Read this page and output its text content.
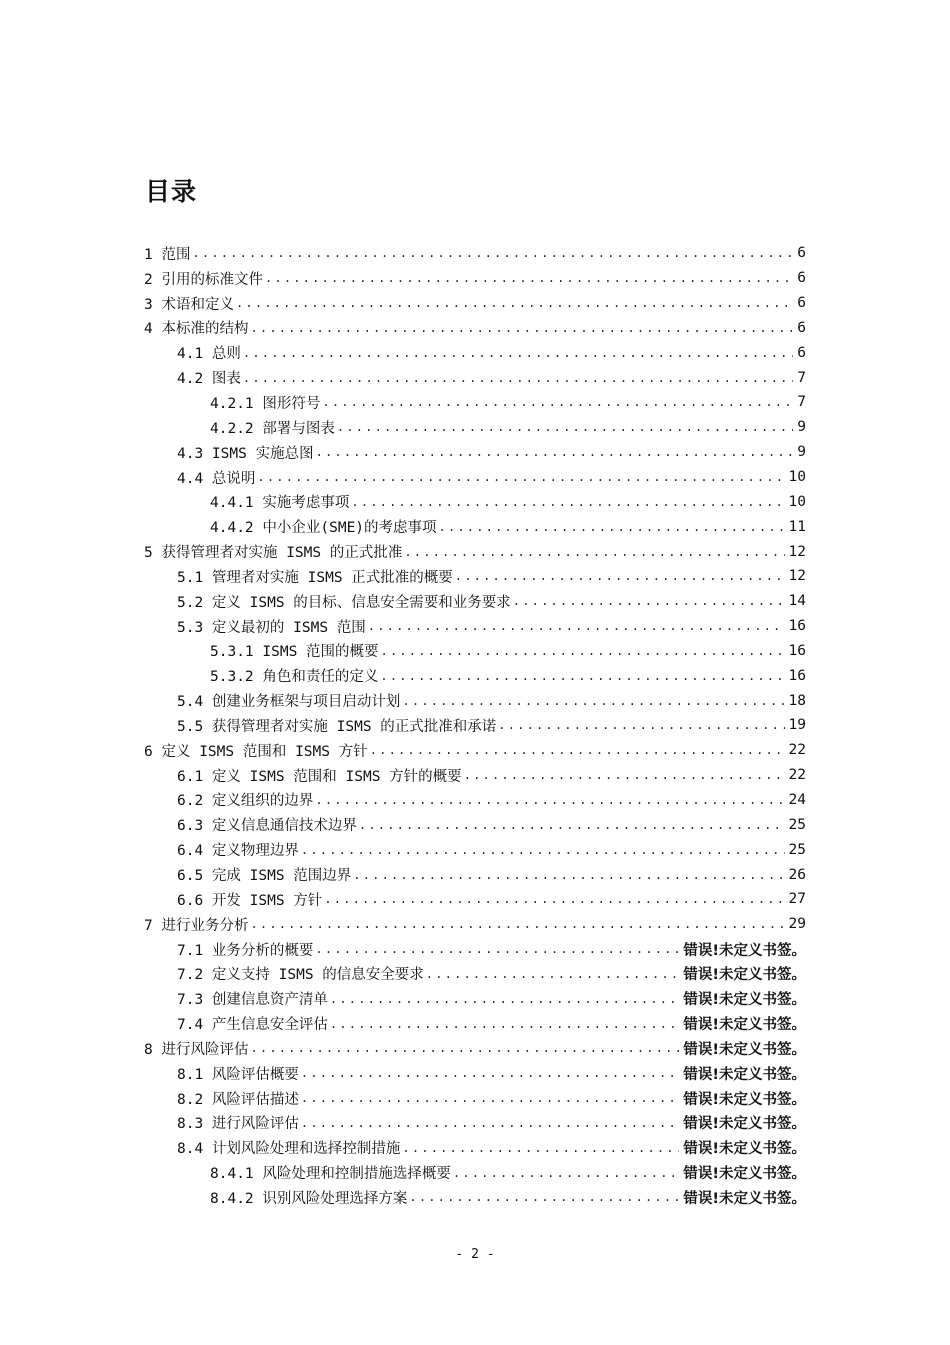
目录
1 范围 .....	6
2 引用的标准文件 .....	6
3 术语和定义 .....	6
4 本标准的结构 .....	6
4.1 总则 .....	6
4.2 图表 .....	7
4.2.1 图形符号 .....	7
4.2.2 部署与图表 .....	9
4.3 ISMS 实施总图 .....	9
4.4 总说明 .....	10
4.4.1 实施考虑事项 .....	10
4.4.2 中小企业(SME)的考虑事项 .....	11
5 获得管理者对实施 ISMS 的正式批准 .....	12
5.1 管理者对实施 ISMS 正式批准的概要 .....	12
5.2 定义 ISMS 的目标、信息安全需要和业务要求 .....	14
5.3 定义最初的 ISMS 范围 .....	16
5.3.1 ISMS 范围的概要 .....	16
5.3.2 角色和责任的定义 .....	16
5.4 创建业务框架与项目启动计划 .....	18
5.5 获得管理者对实施 ISMS 的正式批准和承诺 .....	19
6 定义 ISMS 范围和 ISMS 方针 .....	22
6.1 定义 ISMS 范围和 ISMS 方针的概要 .....	22
6.2 定义组织的边界 .....	24
6.3 定义信息通信技术边界 .....	25
6.4 定义物理边界 .....	25
6.5 完成 ISMS 范围边界 .....	26
6.6 开发 ISMS 方针 .....	27
7 进行业务分析 .....	29
7.1 业务分析的概要 .....	错误!未定义书签。
7.2 定义支持 ISMS 的信息安全要求 .....	错误!未定义书签。
7.3 创建信息资产清单 .....	错误!未定义书签。
7.4 产生信息安全评估 .....	错误!未定义书签。
8 进行风险评估 .....	错误!未定义书签。
8.1 风险评估概要 .....	错误!未定义书签。
8.2 风险评估描述 .....	错误!未定义书签。
8.3 进行风险评估 .....	错误!未定义书签。
8.4 计划风险处理和选择控制措施 .....	错误!未定义书签。
8.4.1 风险处理和控制措施选择概要 .....	错误!未定义书签。
8.4.2 识别风险处理选择方案 .....	错误!未定义书签。
- 2 -
